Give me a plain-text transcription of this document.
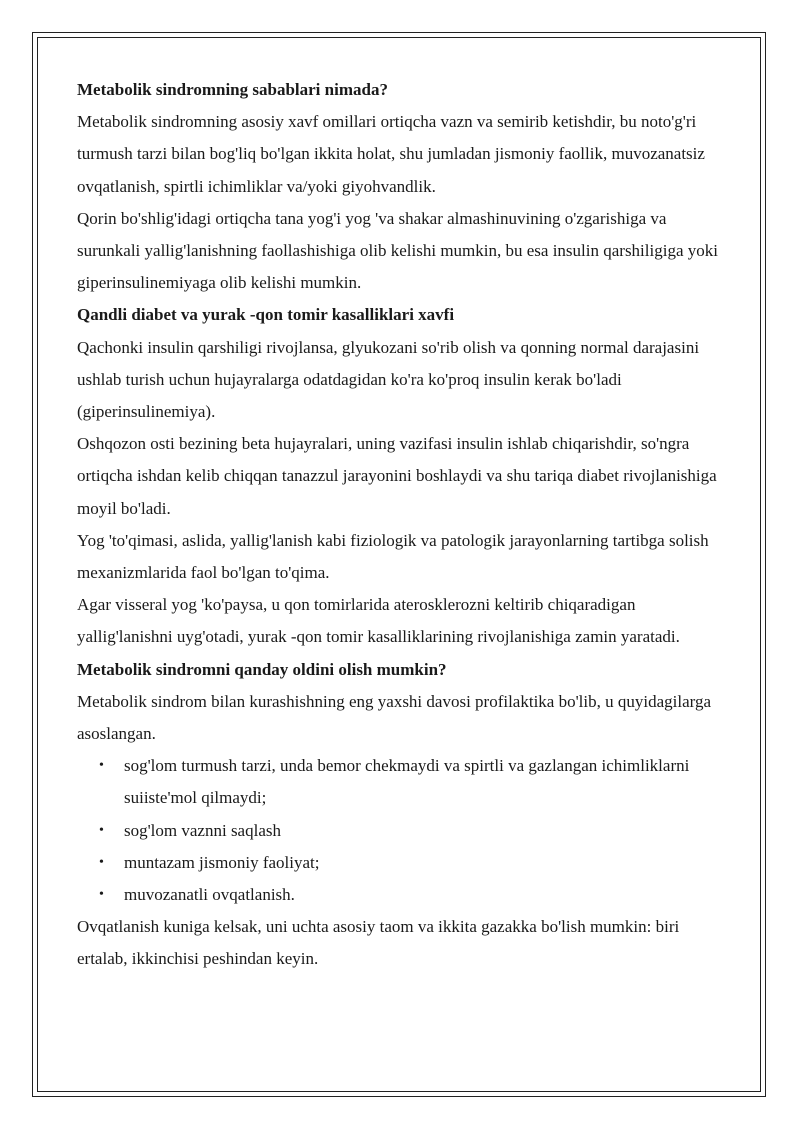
Metabolik sindromning sabablari nimada?

Metabolik sindromning asosiy xavf omillari ortiqcha vazn va semirib ketishdir, bu noto'g'ri turmush tarzi bilan bog'liq bo'lgan ikkita holat, shu jumladan jismoniy faollik, muvozanatsiz ovqatlanish, spirtli ichimliklar va/yoki giyohvandlik.

Qorin bo'shlig'idagi ortiqcha tana yog'i yog 'va shakar almashinuvining o'zgarishiga va surunkali yallig'lanishning faollashishiga olib kelishi mumkin, bu esa insulin qarshiligiga yoki giperinsulinemiyaga olib kelishi mumkin.

Qandli diabet va yurak -qon tomir kasalliklari xavfi

Qachonki insulin qarshiligi rivojlansa, glyukozani so'rib olish va qonning normal darajasini ushlab turish uchun hujayralarga odatdagidan ko'ra ko'proq insulin kerak bo'ladi (giperinsulinemiya).

Oshqozon osti bezining beta hujayralari, uning vazifasi insulin ishlab chiqarishdir, so'ngra ortiqcha ishdan kelib chiqqan tanazzul jarayonini boshlaydi va shu tariqa diabet rivojlanishiga moyil bo'ladi.

Yog 'to'qimasi, aslida, yallig'lanish kabi fiziologik va patologik jarayonlarning tartibga solish mexanizmlarida faol bo'lgan to'qima.

Agar visseral yog 'ko'paysa, u qon tomirlarida aterosklerozni keltirib chiqaradigan yallig'lanishni uyg'otadi, yurak -qon tomir kasalliklarining rivojlanishiga zamin yaratadi.

Metabolik sindromni qanday oldini olish mumkin?

Metabolik sindrom bilan kurashishning eng yaxshi davosi profilaktika bo'lib, u quyidagilarga asoslangan.

• sog'lom turmush tarzi, unda bemor chekmaydi va spirtli va gazlangan ichimliklarni suiiste'mol qilmaydi;
• sog'lom vaznni saqlash
• muntazam jismoniy faoliyat;
• muvozanatli ovqatlanish.

Ovqatlanish kuniga kelsak, uni uchta asosiy taom va ikkita gazakka bo'lish mumkin: biri ertalab, ikkinchisi peshindan keyin.
